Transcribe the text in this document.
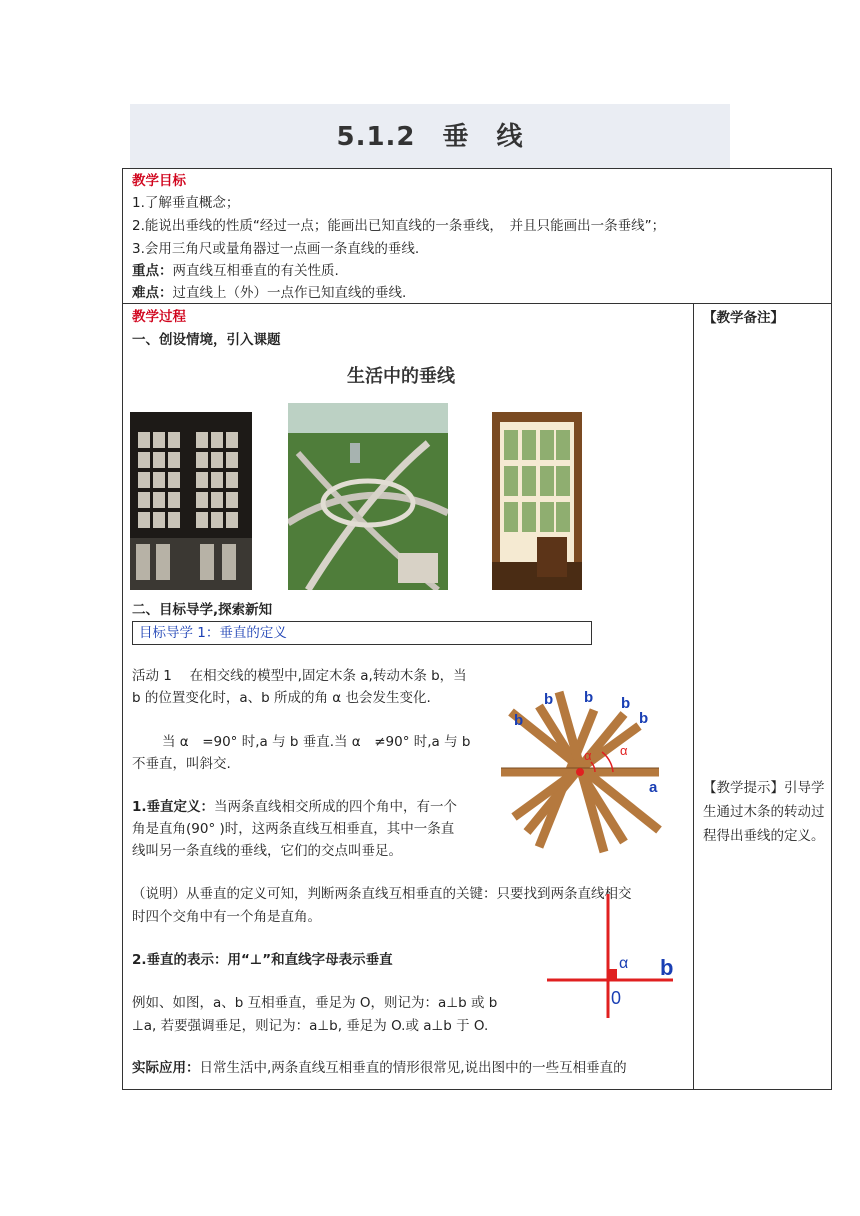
5.1.2　垂　线
教学目标
1.了解垂直概念；
2.能说出垂线的性质“经过一点；能画出已知直线的一条垂线，　并且只能画出一条垂线”；
3.会用三角尺或量角器过一点画一条直线的垂线.
重点：两直线互相垂直的有关性质.
难点：过直线上（外）一点作已知直线的垂线.
教学过程
一、创设情境，引入课题
生活中的垂线
二、目标导学,探索新知
目标导学 1：垂直的定义
活动 1　 在相交线的模型中,固定木条 a,转动木条 b，当
b 的位置变化时，a、b 所成的角 α 也会发生变化.
当 α　=90° 时,a 与 b 垂直.当 α　≠90° 时,a 与 b
不垂直，叫斜交.
1.垂直定义：当两条直线相交所成的四个角中，有一个
角是直角(90° )时，这两条直线互相垂直，其中一条直
线叫另一条直线的垂线，它们的交点叫垂足。
（说明）从垂直的定义可知，判断两条直线互相垂直的关键：只要找到两条直线相交
时四个交角中有一个角是直角。
2.垂直的表示：用“⊥”和直线字母表示垂直
例如、如图，a、b 互相垂直，垂足为 O，则记为：a⊥b 或 b
⊥a, 若要强调垂足，则记为：a⊥b, 垂足为 O.或 a⊥b 于 O.
实际应用：日常生活中,两条直线互相垂直的情形很常见,说出图中的一些互相垂直的
b
b b b
b
α α
a
α b
0
【教学备注】
【教学提示】引导学生通过木条的转动过程得出垂线的定义。
